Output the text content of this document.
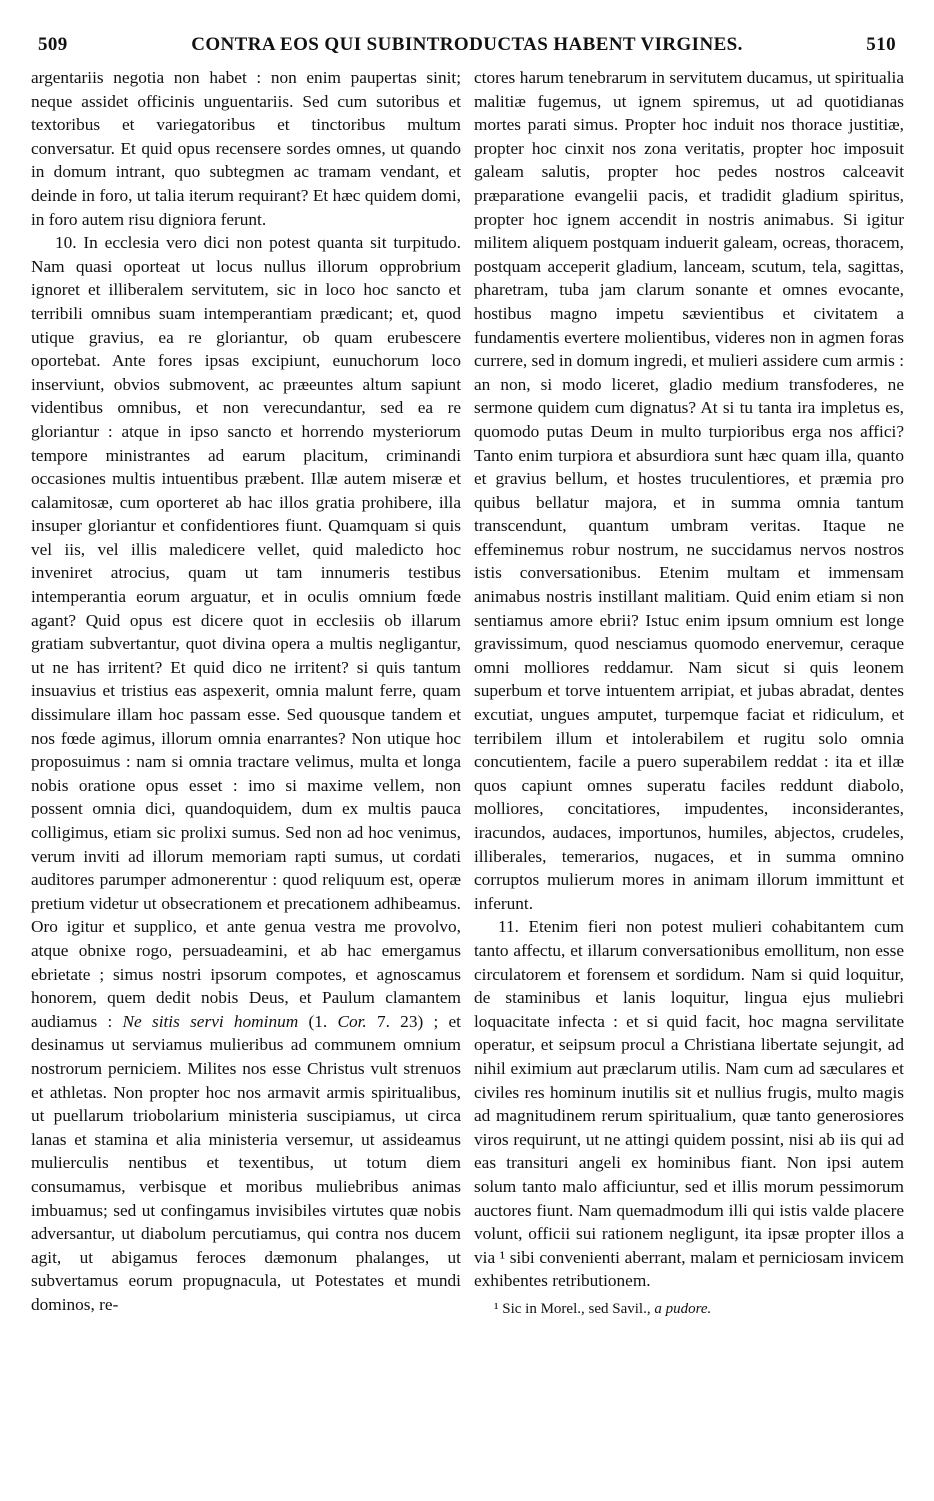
509	CONTRA EOS QUI SUBINTRODUCTAS HABENT VIRGINES.	510

argentariis negotia non habet : non enim paupertas sinit; neque assidet officinis unguentariis. Sed cum sutoribus et textoribus et variegatoribus et tinctoribus multum conversatur. Et quid opus recensere sordes omnes, ut quando in domum intrant, quo subtegmen ac tramam vendant, et deinde in foro, ut talia iterum requirant? Et hæc quidem domi, in foro autem risu digniora ferunt.

10. In ecclesia vero dici non potest quanta sit turpitudo. Nam quasi oporteat ut locus nullus illorum opprobrium ignoret et illiberalem servitutem, sic in loco hoc sancto et terribili omnibus suam intemperantiam prædicant; et, quod utique gravius, ea re gloriantur, ob quam erubescere oportebat. Ante fores ipsas excipiunt, eunuchorum loco inserviunt, obvios submovent, ac præeuntes altum sapiunt videntibus omnibus, et non verecundantur, sed ea re gloriantur : atque in ipso sancto et horrendo mysteriorum tempore ministrantes ad earum placitum, criminandi occasiones multis intuentibus præbent. Illæ autem miseræ et calamitosæ, cum oporteret ab hac illos gratia prohibere, illa insuper gloriantur et confidentiores fiunt. Quamquam si quis vel iis, vel illis maledicere vellet, quid maledicto hoc inveniret atrocius, quam ut tam innumeris testibus intemperantia eorum arguatur, et in oculis omnium fœde agant? Quid opus est dicere quot in ecclesiis ob illarum gratiam subvertantur, quot divina opera a multis negligantur, ut ne has irritent? Et quid dico ne irritent? si quis tantum insuavius et tristius eas aspexerit, omnia malunt ferre, quam dissimulare illam hoc passam esse. Sed quousque tandem et nos fœde agimus, illorum omnia enarrantes? Non utique hoc proposuimus : nam si omnia tractare velimus, multa et longa nobis oratione opus esset : imo si maxime vellem, non possent omnia dici, quandoquidem, dum ex multis pauca colligimus, etiam sic prolixi sumus. Sed non ad hoc venimus, verum inviti ad illorum memoriam rapti sumus, ut cordati auditores parumper admonerentur : quod reliquum est, operæ pretium videtur ut obsecrationem et precationem adhibeamus. Oro igitur et supplico, et ante genua vestra me provolvo, atque obnixe rogo, persuadeamini, et ab hac emergamus ebrietate ; simus nostri ipsorum compotes, et agnoscamus honorem, quem dedit nobis Deus, et Paulum clamantem audiamus : Ne sitis servi hominum (1. Cor. 7. 23) ; et desinamus ut serviamus mulieribus ad communem omnium nostrorum perniciem. Milites nos esse Christus vult strenuos et athletas. Non propter hoc nos armavit armis spiritualibus, ut puellarum triobolarium ministeria suscipiamus, ut circa lanas et stamina et alia ministeria versemur, ut assideamus mulierculis nentibus et texentibus, ut totum diem consumamus, verbisque et moribus muliebribus animas imbuamus; sed ut confingamus invisibiles virtutes quæ nobis adversantur, ut diabolum percutiamus, qui contra nos ducem agit, ut abigamus feroces dæmonum phalanges, ut subvertamus eorum propugnacula, ut Potestates et mundi dominos, re-

ctores harum tenebrarum in servitutem ducamus, ut spiritualia malitiæ fugemus, ut ignem spiremus, ut ad quotidianas mortes parati simus. Propter hoc induit nos thorace justitiæ, propter hoc cinxit nos zona veritatis, propter hoc imposuit galeam salutis, propter hoc pedes nostros calceavit præparatione evangelii pacis, et tradidit gladium spiritus, propter hoc ignem accendit in nostris animabus. Si igitur militem aliquem postquam induerit galeam, ocreas, thoracem, postquam acceperit gladium, lanceam, scutum, tela, sagittas, pharetram, tuba jam clarum sonante et omnes evocante, hostibus magno impetu sævientibus et civitatem a fundamentis evertere molientibus, videres non in agmen foras currere, sed in domum ingredi, et mulieri assidere cum armis : an non, si modo liceret, gladio medium transfoderes, ne sermone quidem cum dignatus? At si tu tanta ira impletus es, quomodo putas Deum in multo turpioribus erga nos affici? Tanto enim turpiora et absurdiora sunt hæc quam illa, quanto et gravius bellum, et hostes truculentiores, et præmia pro quibus bellatur majora, et in summa omnia tantum transcendunt, quantum umbram veritas. Itaque ne effeminemus robur nostrum, ne succidamus nervos nostros istis conversationibus. Etenim multam et immensam animabus nostris instillant malitiam. Quid enim etiam si non sentiamus amore ebrii? Istuc enim ipsum omnium est longe gravissimum, quod nesciamus quomodo enervemur, ceraque omni molliores reddamur. Nam sicut si quis leonem superbum et torve intuentem arripiat, et jubas abradat, dentes excutiat, ungues amputet, turpemque faciat et ridiculum, et terribilem illum et intolerabilem et rugitu solo omnia concutientem, facile a puero superabilem reddat : ita et illæ quos capiunt omnes superatu faciles reddunt diabolo, molliores, concitatiores, impudentes, inconsiderantes, iracundos, audaces, importunos, humiles, abjectos, crudeles, illiberales, temerarios, nugaces, et in summa omnino corruptos mulierum mores in animam illorum immittunt et inferunt.

11. Etenim fieri non potest mulieri cohabitantem cum tanto affectu, et illarum conversationibus emollitum, non esse circulatorem et forensem et sordidum. Nam si quid loquitur, de staminibus et lanis loquitur, lingua ejus muliebri loquacitate infecta : et si quid facit, hoc magna servilitate operatur, et seipsum procul a Christiana libertate sejungit, ad nihil eximium aut præclarum utilis. Nam cum ad sæculares et civiles res hominum inutilis sit et nullius frugis, multo magis ad magnitudinem rerum spiritualium, quæ tanto generosiores viros requirunt, ut ne attingi quidem possint, nisi ab iis qui ad eas transituri angeli ex hominibus fiant. Non ipsi autem solum tanto malo afficiuntur, sed et illis morum pessimorum auctores fiunt. Nam quemadmodum illi qui istis valde placere volunt, officii sui rationem negligunt, ita ipsæ propter illos a via ¹ sibi convenienti aberrant, malam et perniciosam invicem exhibentes retributionem.

¹ Sic in Morel., sed Savil., a pudore.
